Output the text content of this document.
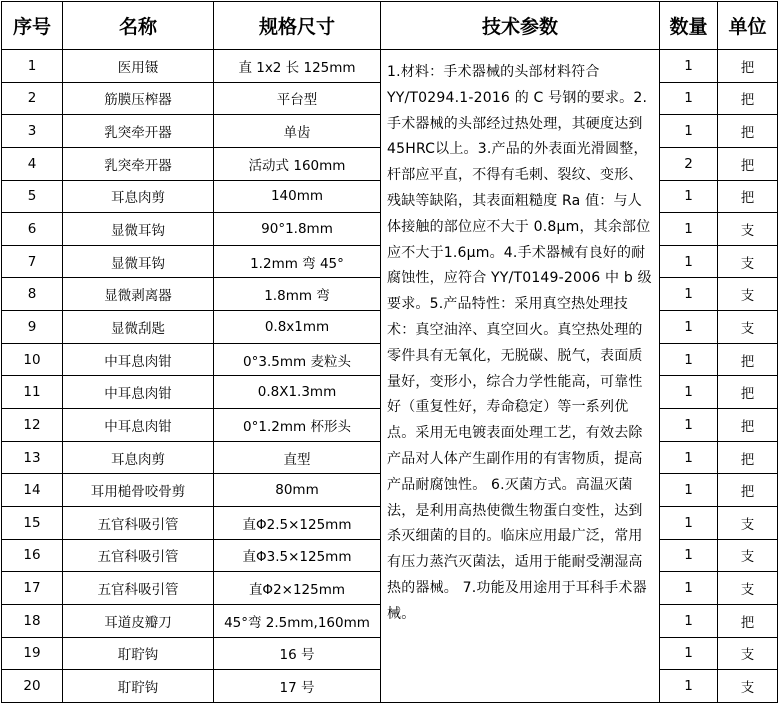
序号	名称	规格尺寸	技术参数	数量	单位
1	医用镊	直 1x2 长 125mm	1.材料：手术器械的头部材料符合YY/T0294.1-2016 的 C 号钢的要求。2.手术器械的头部经过热处理，其硬度达到45HRC以上。3.产品的外表面光滑圆整，杆部应平直，不得有毛刺、裂纹、变形、残缺等缺陷，其表面粗糙度 Ra 值：与人体接触的部位应不大于 0.8μm，其余部位应不大于1.6μm。4.手术器械有良好的耐腐蚀性，应符合 YY/T0149-2006 中 b 级要求。5.产品特性：采用真空热处理技术：真空油淬、真空回火。真空热处理的零件具有无氧化，无脱碳、脱气，表面质量好，变形小，综合力学性能高，可靠性好（重复性好，寿命稳定）等一系列优点。采用无电镀表面处理工艺，有效去除产品对人体产生副作用的有害物质，提高产品耐腐蚀性。 6.灭菌方式。高温灭菌法，是利用高热使微生物蛋白变性，达到杀灭细菌的目的。临床应用最广泛，常用有压力蒸汽灭菌法，适用于能耐受潮湿高热的器械。 7.功能及用途用于耳科手术器械。	1	把
2	筋膜压榨器	平台型		1	把
3	乳突牵开器	单齿		1	把
4	乳突牵开器	活动式 160mm		2	把
5	耳息肉剪	140mm		1	把
6	显微耳钩	90°1.8mm		1	支
7	显微耳钩	1.2mm 弯 45°		1	支
8	显微剥离器	1.8mm 弯		1	支
9	显微刮匙	0.8x1mm		1	支
10	中耳息肉钳	0°3.5mm 麦粒头		1	把
11	中耳息肉钳	0.8X1.3mm		1	把
12	中耳息肉钳	0°1.2mm 杯形头		1	把
13	耳息肉剪	直型		1	把
14	耳用槌骨咬骨剪	80mm		1	把
15	五官科吸引管	直Φ2.5×125mm		1	支
16	五官科吸引管	直Φ3.5×125mm		1	支
17	五官科吸引管	直Φ2×125mm		1	支
18	耳道皮瓣刀	45°弯 2.5mm,160mm		1	把
19	耵聍钩	16 号		1	支
20	耵聍钩	17 号		1	支
